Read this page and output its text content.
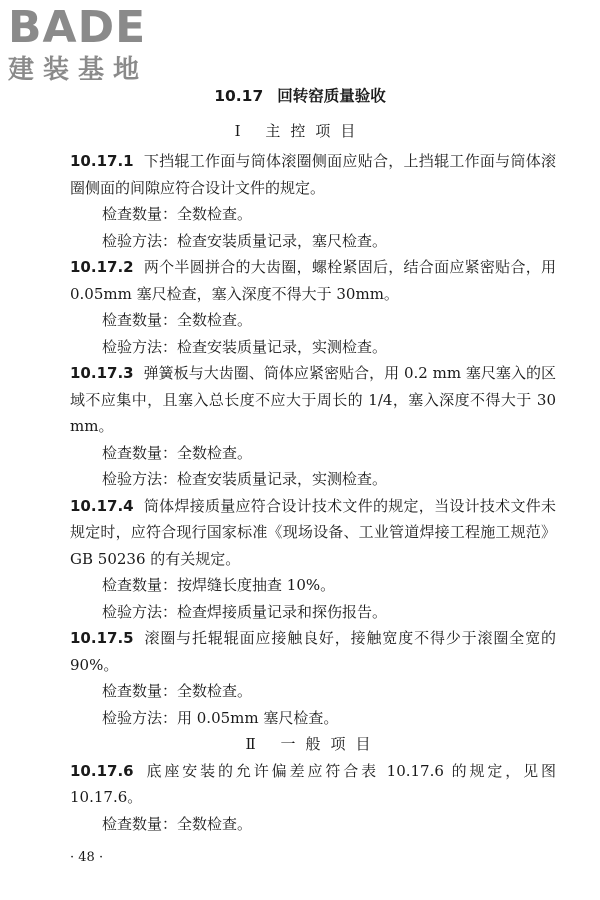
BADE
建装基地
10.17 回转窑质量验收
Ⅰ 主控项目

10.17.1 下挡辊工作面与筒体滚圈侧面应贴合，上挡辊工作面与筒体滚圈侧面的间隙应符合设计文件的规定。

检查数量：全数检查。

检验方法：检查安装质量记录，塞尺检查。

10.17.2 两个半圆拼合的大齿圈，螺栓紧固后，结合面应紧密贴合，用 0.05mm 塞尺检查，塞入深度不得大于 30mm。

检查数量：全数检查。

检验方法：检查安装质量记录，实测检查。

10.17.3 弹簧板与大齿圈、筒体应紧密贴合，用 0.2 mm 塞尺塞入的区域不应集中，且塞入总长度不应大于周长的 1/4，塞入深度不得大于 30 mm。

检查数量：全数检查。

检验方法：检查安装质量记录，实测检查。

10.17.4 筒体焊接质量应符合设计技术文件的规定，当设计技术文件未规定时，应符合现行国家标准《现场设备、工业管道焊接工程施工规范》GB 50236 的有关规定。

检查数量：按焊缝长度抽查 10%。

检验方法：检查焊接质量记录和探伤报告。

10.17.5 滚圈与托辊辊面应接触良好，接触宽度不得少于滚圈全宽的 90%。

检查数量：全数检查。

检验方法：用 0.05mm 塞尺检查。

Ⅱ 一般项目

10.17.6 底座安装的允许偏差应符合表 10.17.6 的规定，见图 10.17.6。

检查数量：全数检查。

· 48 ·
